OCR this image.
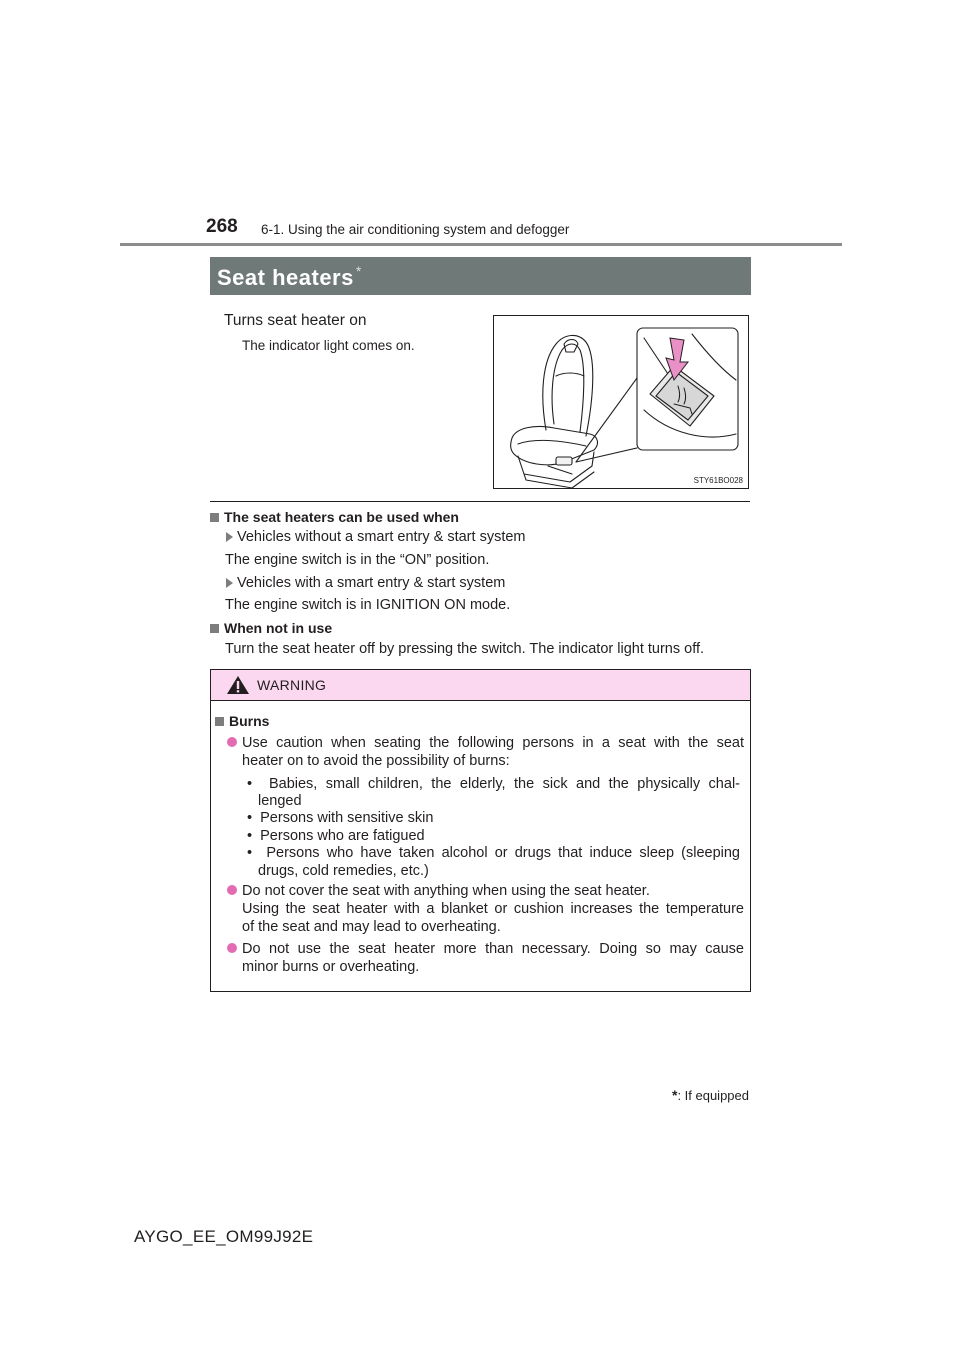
268 6-1. Using the air conditioning system and defogger
Seat heaters *
Turns seat heater on
The indicator light comes on.
STY61BO028
The seat heaters can be used when
Vehicles without a smart entry & start system
The engine switch is in the “ON” position.
Vehicles with a smart entry & start system
The engine switch is in IGNITION ON mode.
When not in use
Turn the seat heater off by pressing the switch. The indicator light turns off.
WARNING
Burns
Use caution when seating the following persons in a seat with the seat
heater on to avoid the possibility of burns:
•  Babies, small children, the elderly, the sick and the physically chal-
lenged
•  Persons with sensitive skin
•  Persons who are fatigued
•  Persons who have taken alcohol or drugs that induce sleep (sleeping
drugs, cold remedies, etc.)
Do not cover the seat with anything when using the seat heater.
Using the seat heater with a blanket or cushion increases the temperature
of the seat and may lead to overheating.
Do not use the seat heater more than necessary. Doing so may cause
minor burns or overheating.
*: If equipped
AYGO_EE_OM99J92E
